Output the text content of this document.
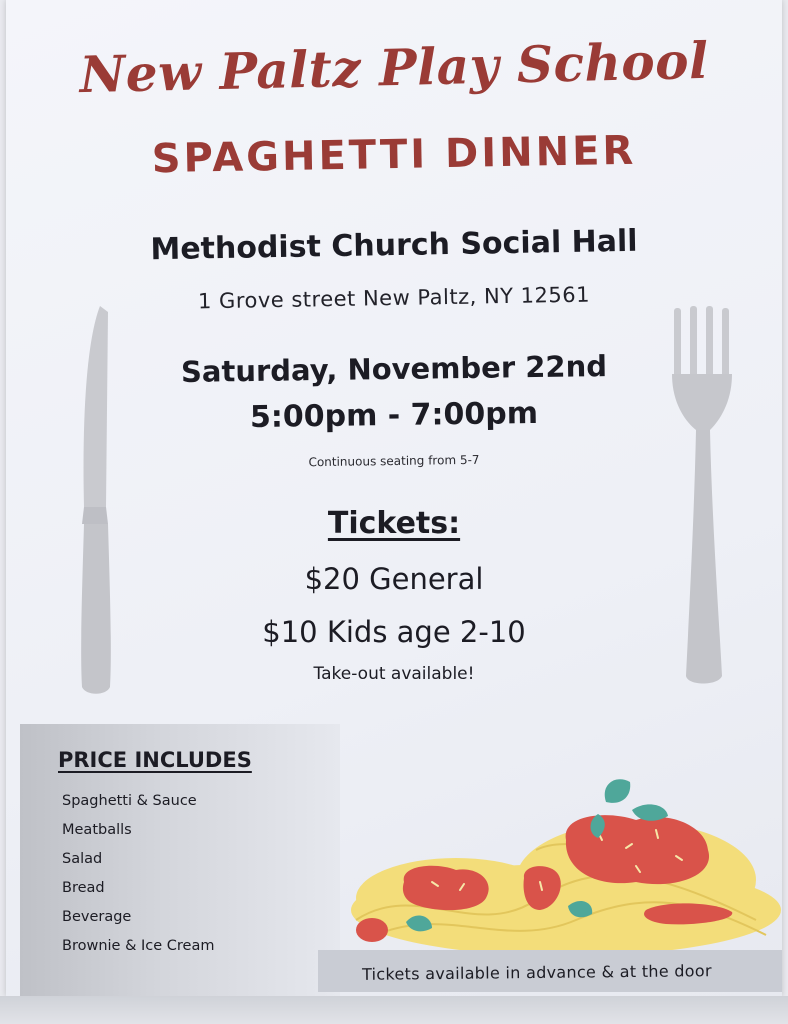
New Paltz Play School
SPAGHETTI DINNER
Methodist Church Social Hall
1 Grove street New Paltz, NY 12561
Saturday, November 22nd
5:00pm - 7:00pm
Continuous seating from 5-7
Tickets:
$20 General
$10 Kids age 2-10
Take-out available!
PRICE INCLUDES
Spaghetti & Sauce
Meatballs
Salad
Bread
Beverage
Brownie & Ice Cream
Tickets available in advance & at the door
